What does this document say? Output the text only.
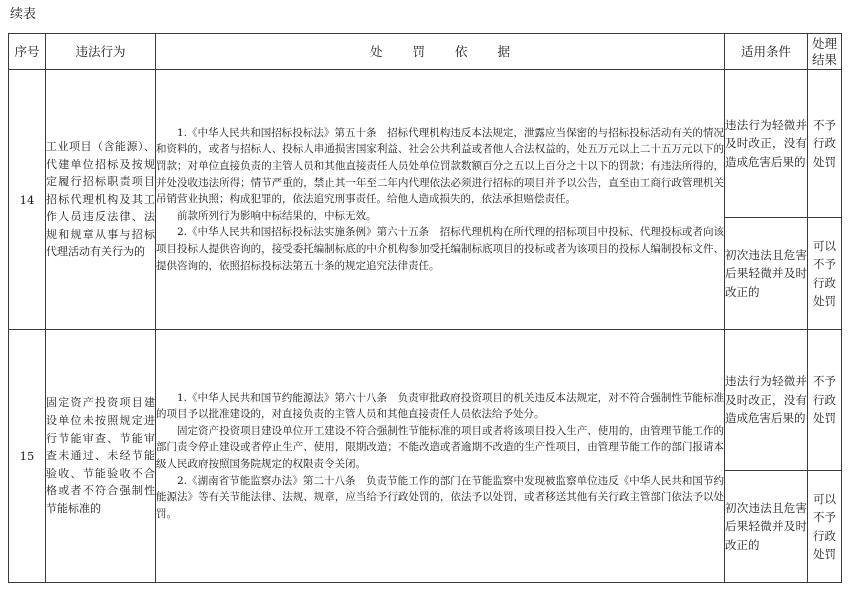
续表
序号	违法行为	处 罚 依 据	适用条件	处理结果
14	工业项目（含能源）、代建单位招标及按规定履行招标职责项目招标代理机构及其工作人员违反法律、法规和规章从事与招标代理活动有关行为的	1.《中华人民共和国招标投标法》第五十条　招标代理机构违反本法规定，泄露应当保密的与招标投标活动有关的情况和资料的，或者与招标人、投标人串通损害国家利益、社会公共利益或者他人合法权益的，处五万元以上二十五万元以下的罚款；对单位直接负责的主管人员和其他直接责任人员处单位罚款数额百分之五以上百分之十以下的罚款；有违法所得的，并处没收违法所得；情节严重的，禁止其一年至二年内代理依法必须进行招标的项目并予以公告，直至由工商行政管理机关吊销营业执照；构成犯罪的，依法追究刑事责任。给他人造成损失的，依法承担赔偿责任。

前款所列行为影响中标结果的，中标无效。

2.《中华人民共和国招标投标法实施条例》第六十五条　招标代理机构在所代理的招标项目中投标、代理投标或者向该项目投标人提供咨询的，接受委托编制标底的中介机构参加受托编制标底项目的投标或者为该项目的投标人编制投标文件、提供咨询的，依照招标投标法第五十条的规定追究法律责任。	违法行为轻微并及时改正，没有造成危害后果的	不予行政处罚
			初次违法且危害后果轻微并及时改正的	可以不予行政处罚
15	固定资产投资项目建设单位未按照规定进行节能审查、节能审查未通过、未经节能验收、节能验收不合格或者不符合强制性节能标准的	1.《中华人民共和国节约能源法》第六十八条　负责审批政府投资项目的机关违反本法规定，对不符合强制性节能标准的项目予以批准建设的，对直接负责的主管人员和其他直接责任人员依法给予处分。

固定资产投资项目建设单位开工建设不符合强制性节能标准的项目或者将该项目投入生产、使用的，由管理节能工作的部门责令停止建设或者停止生产、使用，限期改造；不能改造或者逾期不改造的生产性项目，由管理节能工作的部门报请本级人民政府按照国务院规定的权限责令关闭。

2.《湖南省节能监察办法》第二十八条　负责节能工作的部门在节能监察中发现被监察单位违反《中华人民共和国节约能源法》等有关节能法律、法规、规章，应当给予行政处罚的，依法予以处罚，或者移送其他有关行政主管部门依法予以处罚。	违法行为轻微并及时改正，没有造成危害后果的	不予行政处罚
			初次违法且危害后果轻微并及时改正的	可以不予行政处罚
